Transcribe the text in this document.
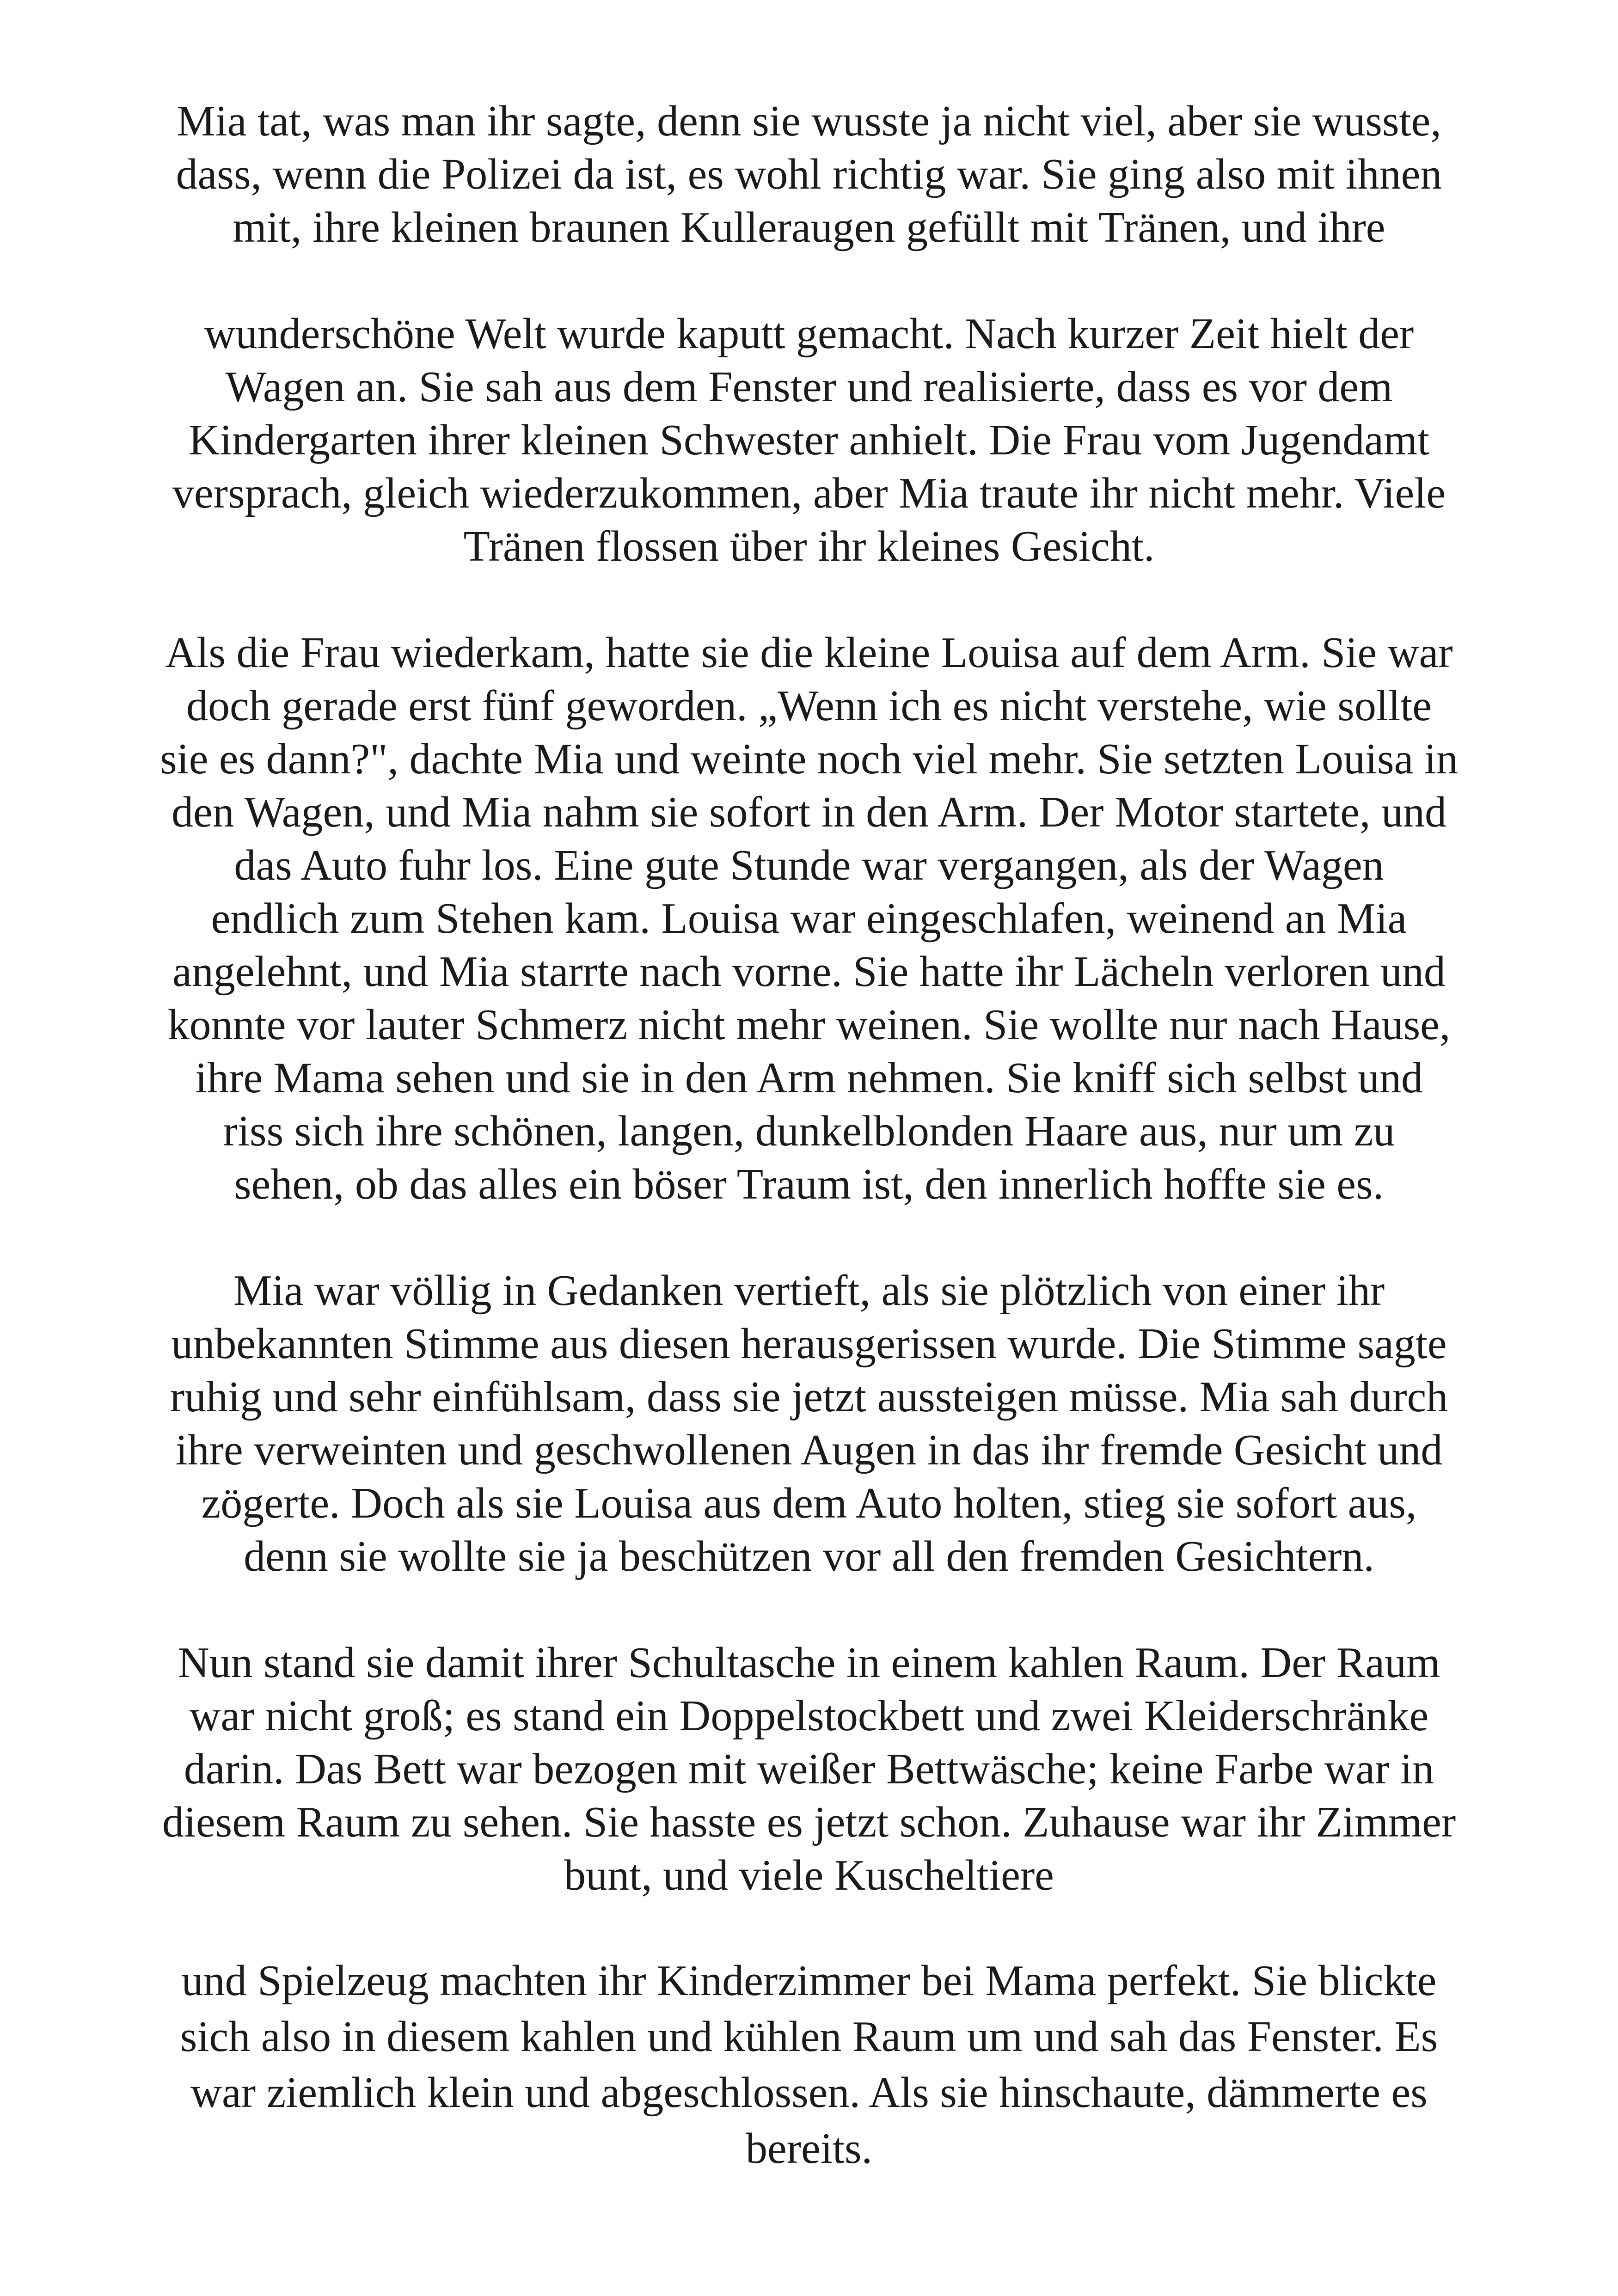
Mia tat, was man ihr sagte, denn sie wusste ja nicht viel, aber sie wusste,
dass, wenn die Polizei da ist, es wohl richtig war. Sie ging also mit ihnen
mit, ihre kleinen braunen Kulleraugen gefüllt mit Tränen, und ihre

wunderschöne Welt wurde kaputt gemacht. Nach kurzer Zeit hielt der
Wagen an. Sie sah aus dem Fenster und realisierte, dass es vor dem
Kindergarten ihrer kleinen Schwester anhielt. Die Frau vom Jugendamt
versprach, gleich wiederzukommen, aber Mia traute ihr nicht mehr. Viele
Tränen flossen über ihr kleines Gesicht.

Als die Frau wiederkam, hatte sie die kleine Louisa auf dem Arm. Sie war
doch gerade erst fünf geworden. „Wenn ich es nicht verstehe, wie sollte
sie es dann?", dachte Mia und weinte noch viel mehr. Sie setzten Louisa in
den Wagen, und Mia nahm sie sofort in den Arm. Der Motor startete, und
das Auto fuhr los. Eine gute Stunde war vergangen, als der Wagen
endlich zum Stehen kam. Louisa war eingeschlafen, weinend an Mia
angelehnt, und Mia starrte nach vorne. Sie hatte ihr Lächeln verloren und
konnte vor lauter Schmerz nicht mehr weinen. Sie wollte nur nach Hause,
ihre Mama sehen und sie in den Arm nehmen. Sie kniff sich selbst und
riss sich ihre schönen, langen, dunkelblonden Haare aus, nur um zu
sehen, ob das alles ein böser Traum ist, den innerlich hoffte sie es.

Mia war völlig in Gedanken vertieft, als sie plötzlich von einer ihr
unbekannten Stimme aus diesen herausgerissen wurde. Die Stimme sagte
ruhig und sehr einfühlsam, dass sie jetzt aussteigen müsse. Mia sah durch
ihre verweinten und geschwollenen Augen in das ihr fremde Gesicht und
zögerte. Doch als sie Louisa aus dem Auto holten, stieg sie sofort aus,
denn sie wollte sie ja beschützen vor all den fremden Gesichtern.

Nun stand sie damit ihrer Schultasche in einem kahlen Raum. Der Raum
war nicht groß; es stand ein Doppelstockbett und zwei Kleiderschränke
darin. Das Bett war bezogen mit weißer Bettwäsche; keine Farbe war in
diesem Raum zu sehen. Sie hasste es jetzt schon. Zuhause war ihr Zimmer
bunt, und viele Kuscheltiere

und Spielzeug machten ihr Kinderzimmer bei Mama perfekt. Sie blickte
sich also in diesem kahlen und kühlen Raum um und sah das Fenster. Es
war ziemlich klein und abgeschlossen. Als sie hinschaute, dämmerte es
bereits.
